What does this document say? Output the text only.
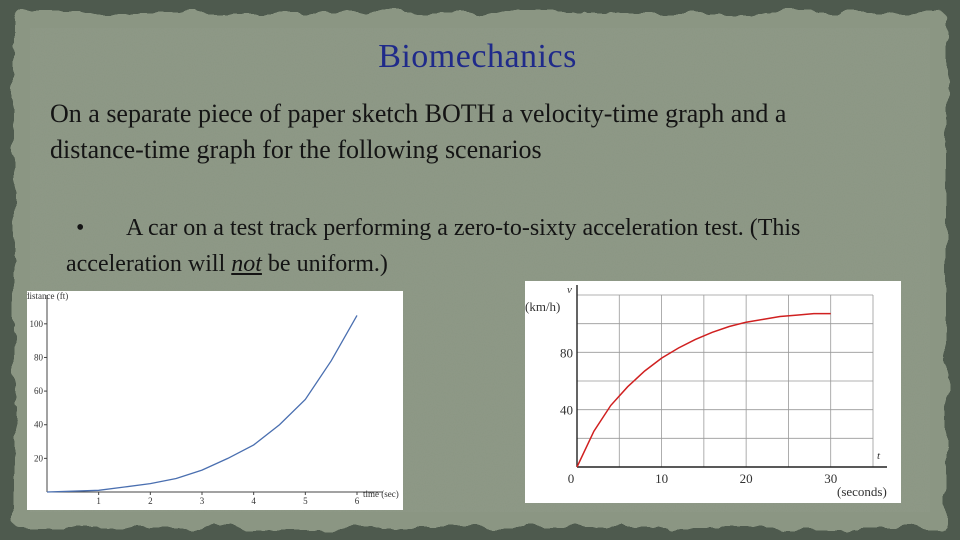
Biomechanics
On a separate piece of paper sketch BOTH a velocity-time graph and a distance-time graph for the following scenarios
• A car on a test track performing a zero-to-sixty acceleration test. (This acceleration will not be uniform.)
distance (ft)
time (sec)
1	2	3	4	5	6
20
40
60
80
100
v
(km/h)
t
(seconds)
0	10	20	30
40
80
